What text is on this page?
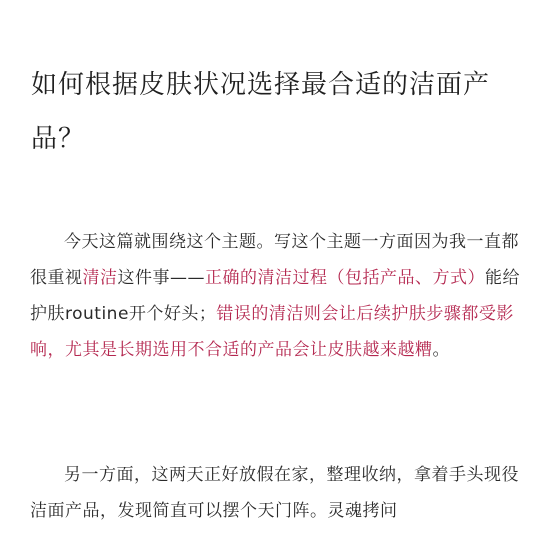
如何根据皮肤状况选择最合适的洁面产品？

今天这篇就围绕这个主题。写这个主题一方面因为我一直都很重视清洁这件事——正确的清洁过程（包括产品、方式）能给护肤routine开个好头；错误的清洁则会让后续护肤步骤都受影响，尤其是长期选用不合适的产品会让皮肤越来越糟。

另一方面，这两天正好放假在家，整理收纳，拿着手头现役洁面产品，发现简直可以摆个天门阵。灵魂拷问
